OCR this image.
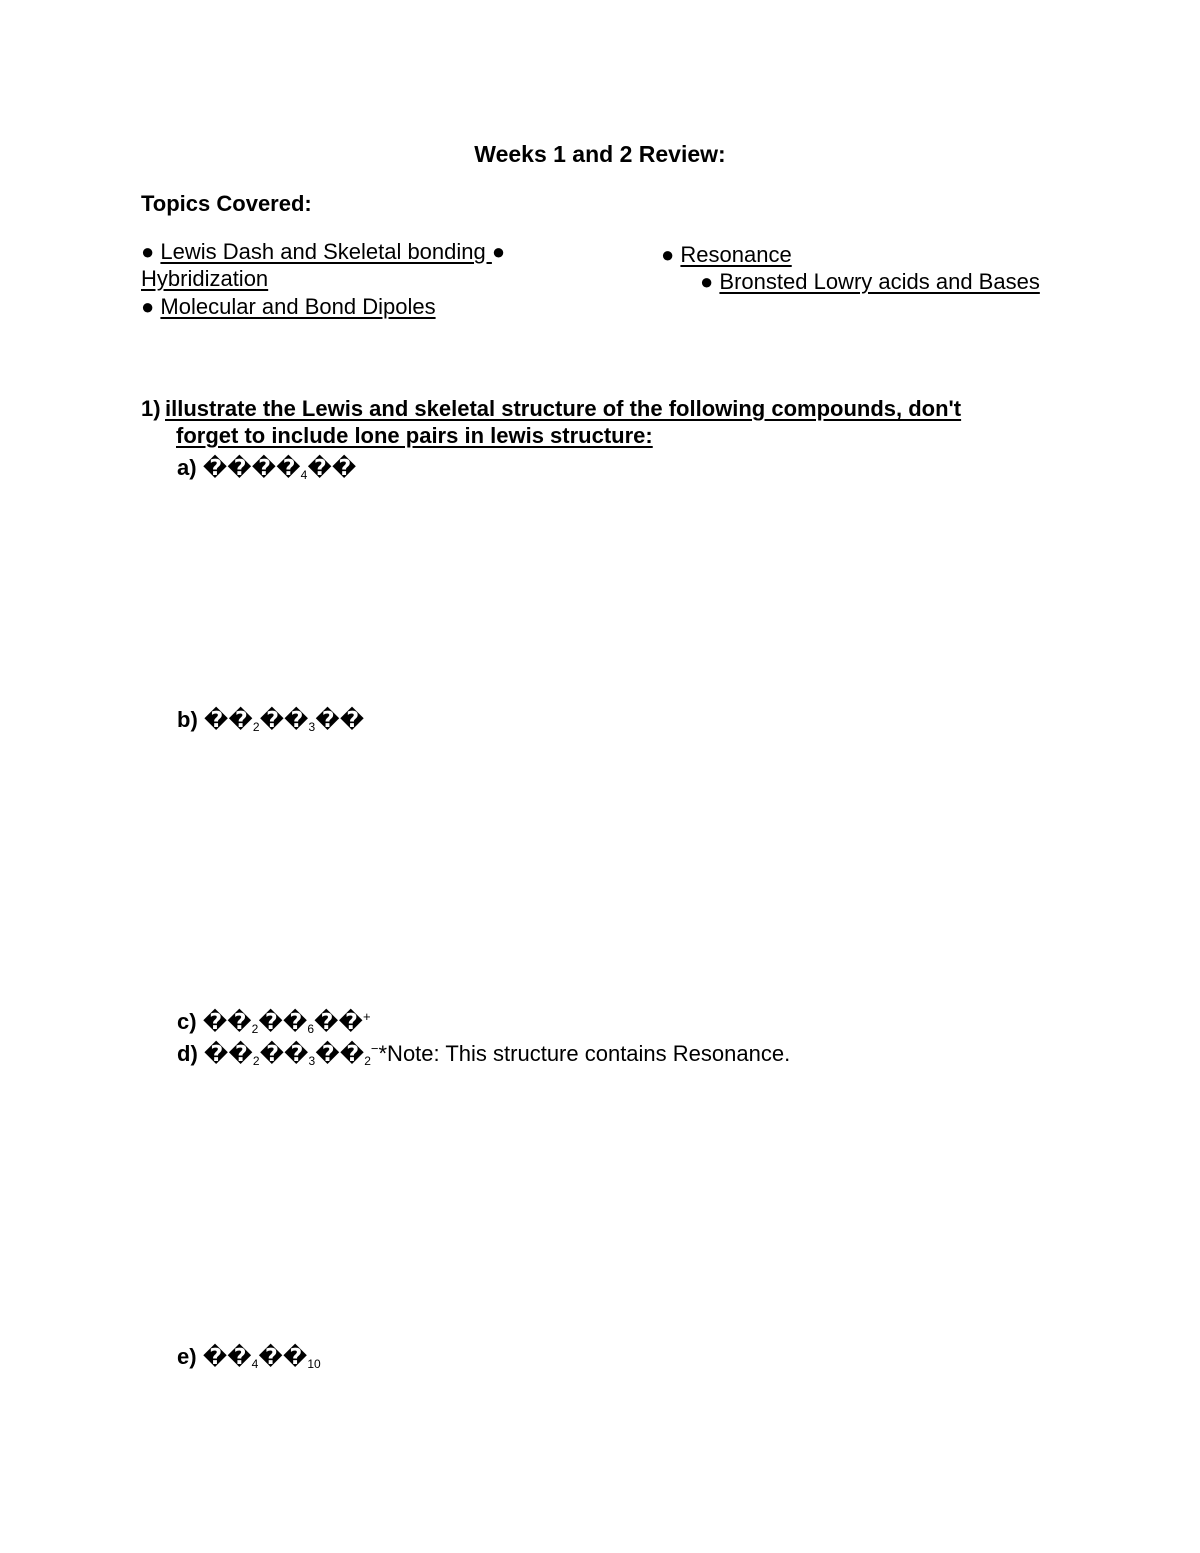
Weeks 1 and 2 Review:
Topics Covered:
● Lewis Dash and Skeletal bonding ●
Hybridization
● Molecular and Bond Dipoles
● Resonance
● Bronsted Lowry acids and Bases
1) illustrate the Lewis and skeletal structure of the following compounds, don't
forget to include lone pairs in lewis structure:
a) $����_4��$
b) $��_2��_3��$
c) $��_2��_6��^+$
d) $��_2��_3��_2^-*Note$: This structure contains Resonance.
e) $��_4��_{10}$
